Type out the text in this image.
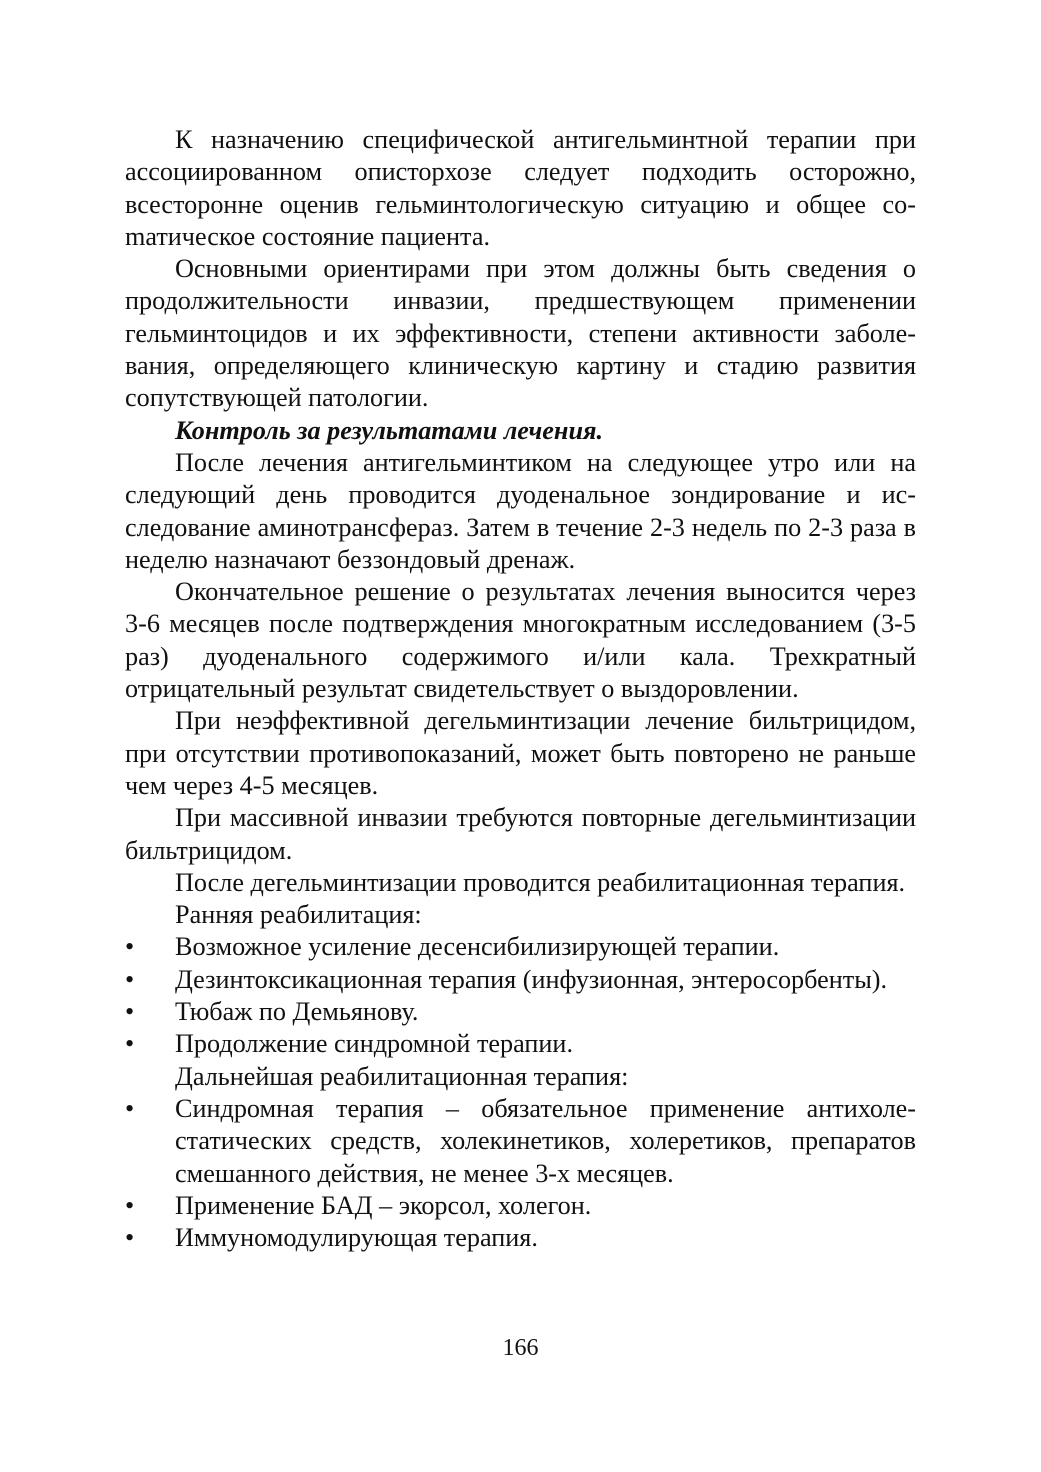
К назначению специфической антигельминтной терапии при ассоциированном описторхозе следует подходить осторожно, всесторонне оценив гельминтологическую ситуацию и общее соmатическое состояние пациента.

Основными ориентирами при этом должны быть сведения о продолжительности инвазии, предшествующем применении гельминтоцидов и их эффективности, степени активности заболевания, определяющего клиническую картину и стадию развития сопутствующей патологии.

Контроль за результатами лечения.

После лечения антигельминтиком на следующее утро или на следующий день проводится дуоденальное зондирование и исследование аминотрансфераз. Затем в течение 2-3 недель по 2-3 раза в неделю назначают беззондовый дренаж.

Окончательное решение о результатах лечения выносится через 3-6 месяцев после подтверждения многократным исследованием (3-5 раз) дуоденального содержимого и/или кала. Трехкратный отрицательный результат свидетельствует о выздоровлении.

При неэффективной дегельминтизации лечение бильтрицидом, при отсутствии противопоказаний, может быть повторено не раньше чем через 4-5 месяцев.

При массивной инвазии требуются повторные дегельминтизации бильтрицидом.

После дегельминтизации проводится реабилитационная терапия.

Ранняя реабилитация:

•	Возможное усиление десенсибилизирующей терапии.
•	Дезинтоксикационная терапия (инфузионная, энтеросорбенты).
•	Тюбаж по Демьянову.
•	Продолжение синдромной терапии.

Дальнейшая реабилитационная терапия:

•	Синдромная терапия – обязательное применение антихолестатических средств, холекинетиков, холеретиков, препаратов смешанного действия, не менее 3-х месяцев.
•	Применение БАД – экорсол, холегон.
•	Иммуномодулирующая терапия.
166
